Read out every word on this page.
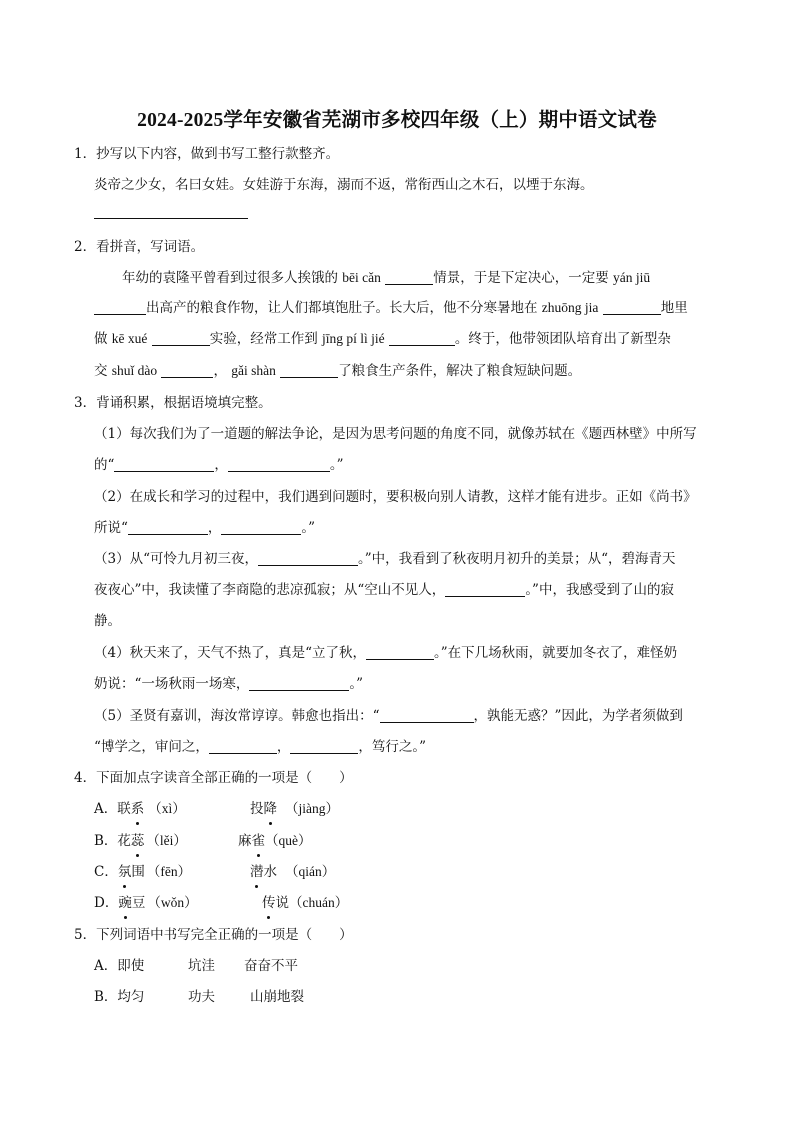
2024-2025学年安徽省芜湖市多校四年级（上）期中语文试卷
1．抄写以下内容，做到书写工整行款整齐。
炎帝之少女，名曰女娃。女娃游于东海，溺而不返，常衔西山之木石，以堙于东海。
2．看拼音，写词语。
年幼的袁隆平曾看到过很多人挨饿的 bēi cǎn	情景，于是下定决心，一定要 yán jiū
出高产的粮食作物，让人们都填饱肚子。长大后，他不分寒暑地在 zhuōng jia	地里
做 kē xué	实验，经常工作到 jīng pí lì jié	。终于，他带领团队培育出了新型杂
交 shuǐ dào	， gǎi shàn	了粮食生产条件，解决了粮食短缺问题。
3．背诵积累，根据语境填完整。
（1）每次我们为了一道题的解法争论，是因为思考问题的角度不同，就像苏轼在《题西林壁》中所写
的“	，	。”
（2）在成长和学习的过程中，我们遇到问题时，要积极向别人请教，这样才能有进步。正如《尚书》
所说“	，	。”
（3）从“可怜九月初三夜，	。”中，我看到了秋夜明月初升的美景；从“，碧海青天
夜夜心”中，我读懂了李商隐的悲凉孤寂；从“空山不见人，	。”中，我感受到了山的寂
静。
（4）秋天来了，天气不热了，真是“立了秋，	。”在下几场秋雨，就要加冬衣了，难怪奶
奶说：“一场秋雨一场寒，	。”
（5）圣贤有嘉训，海汝常谆谆。韩愈也指出：“	，孰能无惑？”因此，为学者须做到
“博学之，审问之，	，	，笃行之。”
4．下面加点字读音全部正确的一项是（　　）
A．联系 （xì）	投降 （jiàng）
B．花蕊 （lěi）	麻雀（què）
C．氛围 （fēn）	潜水 （qián）
D．豌豆 （wǒn）	传说（chuán）
5．下列词语中书写完全正确的一项是（　　）
A．即使	坑洼 奋奋不平
B．均匀	功夫	山崩地裂
